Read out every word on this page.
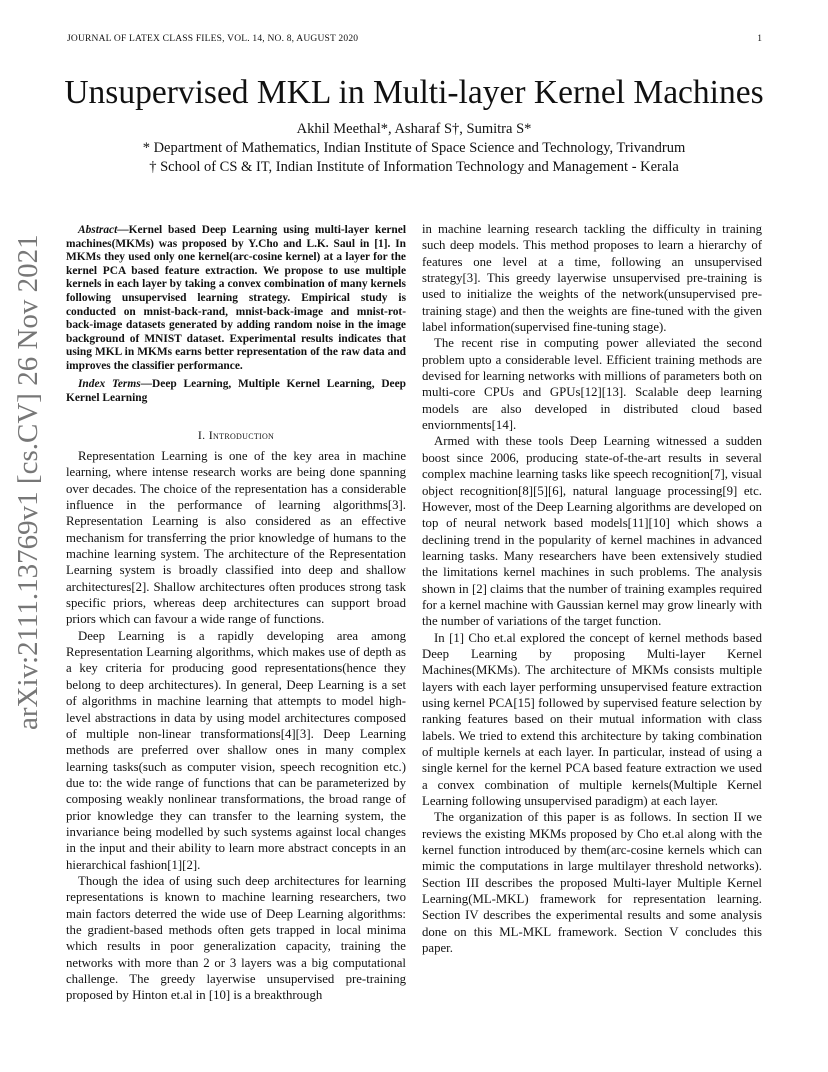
JOURNAL OF LATEX CLASS FILES, VOL. 14, NO. 8, AUGUST 2020	1
Unsupervised MKL in Multi-layer Kernel Machines
Akhil Meethal*, Asharaf S†, Sumitra S*
* Department of Mathematics, Indian Institute of Space Science and Technology, Trivandrum
† School of CS & IT, Indian Institute of Information Technology and Management - Kerala
arXiv:2111.13769v1 [cs.CV] 26 Nov 2021

Abstract—Kernel based Deep Learning using multi-layer kernel machines(MKMs) was proposed by Y.Cho and L.K. Saul in [1]. In MKMs they used only one kernel(arc-cosine kernel) at a layer for the kernel PCA based feature extraction. We propose to use multiple kernels in each layer by taking a convex combination of many kernels following unsupervised learning strategy. Empirical study is conducted on mnist-back-rand, mnist-back-image and mnist-rot-back-image datasets generated by adding random noise in the image background of MNIST dataset. Experimental results indicates that using MKL in MKMs earns better representation of the raw data and improves the classifier performance.

Index Terms—Deep Learning, Multiple Kernel Learning, Deep Kernel Learning

I. Introduction

Representation Learning is one of the key area in machine learning, where intense research works are being done spanning over decades. The choice of the representation has a considerable influence in the performance of learning algorithms[3]. Representation Learning is also considered as an effective mechanism for transferring the prior knowledge of humans to the machine learning system. The architecture of the Representation Learning system is broadly classified into deep and shallow architectures[2]. Shallow architectures often produces strong task specific priors, whereas deep architectures can support broad priors which can favour a wide range of functions.

Deep Learning is a rapidly developing area among Representation Learning algorithms, which makes use of depth as a key criteria for producing good representations(hence they belong to deep architectures). In general, Deep Learning is a set of algorithms in machine learning that attempts to model high-level abstractions in data by using model architectures composed of multiple non-linear transformations[4][3]. Deep Learning methods are preferred over shallow ones in many complex learning tasks(such as computer vision, speech recognition etc.) due to: the wide range of functions that can be parameterized by composing weakly nonlinear transformations, the broad range of prior knowledge they can transfer to the learning system, the invariance being modelled by such systems against local changes in the input and their ability to learn more abstract concepts in an hierarchical fashion[1][2].

Though the idea of using such deep architectures for learning representations is known to machine learning researchers, two main factors deterred the wide use of Deep Learning algorithms: the gradient-based methods often gets trapped in local minima which results in poor generalization capacity, training the networks with more than 2 or 3 layers was a big computational challenge. The greedy layerwise unsupervised pre-training proposed by Hinton et.al in [10] is a breakthrough

in machine learning research tackling the difficulty in training such deep models. This method proposes to learn a hierarchy of features one level at a time, following an unsupervised strategy[3]. This greedy layerwise unsupervised pre-training is used to initialize the weights of the network(unsupervised pre-training stage) and then the weights are fine-tuned with the given label information(supervised fine-tuning stage).

The recent rise in computing power alleviated the second problem upto a considerable level. Efficient training methods are devised for learning networks with millions of parameters both on multi-core CPUs and GPUs[12][13]. Scalable deep learning models are also developed in distributed cloud based enviornments[14].

Armed with these tools Deep Learning witnessed a sudden boost since 2006, producing state-of-the-art results in several complex machine learning tasks like speech recognition[7], visual object recognition[8][5][6], natural language processing[9] etc. However, most of the Deep Learning algorithms are developed on top of neural network based models[11][10] which shows a declining trend in the popularity of kernel machines in advanced learning tasks. Many researchers have been extensively studied the limitations kernel machines in such problems. The analysis shown in [2] claims that the number of training examples required for a kernel machine with Gaussian kernel may grow linearly with the number of variations of the target function.

In [1] Cho et.al explored the concept of kernel methods based Deep Learning by proposing Multi-layer Kernel Machines(MKMs). The architecture of MKMs consists multiple layers with each layer performing unsupervised feature extraction using kernel PCA[15] followed by supervised feature selection by ranking features based on their mutual information with class labels. We tried to extend this architecture by taking combination of multiple kernels at each layer. In particular, instead of using a single kernel for the kernel PCA based feature extraction we used a convex combination of multiple kernels(Multiple Kernel Learning following unsupervised paradigm) at each layer.

The organization of this paper is as follows. In section II we reviews the existing MKMs proposed by Cho et.al along with the kernel function introduced by them(arc-cosine kernels which can mimic the computations in large multilayer threshold networks). Section III describes the proposed Multi-layer Multiple Kernel Learning(ML-MKL) framework for representation learning. Section IV describes the experimental results and some analysis done on this ML-MKL framework. Section V concludes this paper.
